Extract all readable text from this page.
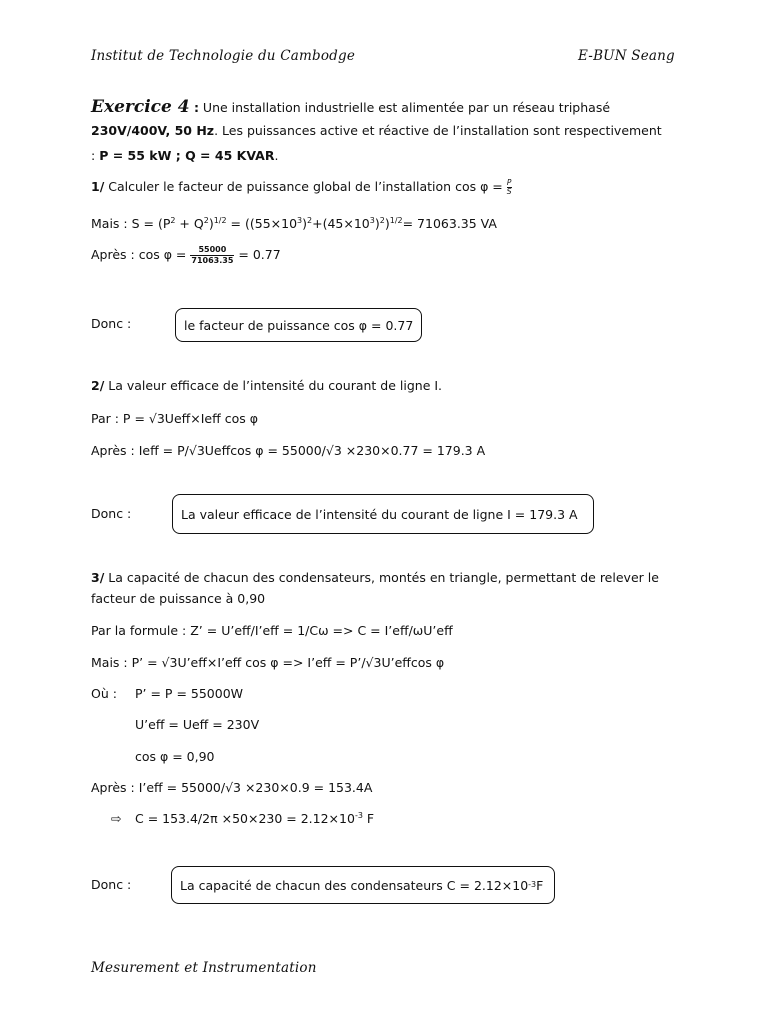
Institut de Technologie du Cambodge	E-BUN Seang
Exercice 4 : Une installation industrielle est alimentée par un réseau triphasé
230V/400V, 50 Hz. Les puissances active et réactive de l’installation sont respectivement
: P = 55 kW ; Q = 45 KVAR.
1/ Calculer le facteur de puissance global de l’installation $\cos \varphi = \frac{P}{S}$
Mais : $S = (P^2 + Q^2)^{1/2} = ((55\times 10^3)^2+(45\times 10^3)^2)^{1/2}= 71063.35$ VA
Après : $\cos \varphi = \frac{55000}{71063.35} = 0.77$
Donc :	le facteur de puissance cos φ = 0.77
2/ La valeur efficace de l’intensité du courant de ligne I.
Par : P = √3Ueff×Ieff cos φ
Après : Ieff = P/√3Ueffcos φ = 55000/√3 ×230×0.77 = 179.3 A
Donc :	La valeur efficace de l’intensité du courant de ligne I = 179.3 A
3/ La capacité de chacun des condensateurs, montés en triangle, permettant de relever le
facteur de puissance à 0,90
Par la formule : Z’ = U’eff/I’eff = 1/Cω => C = I’eff/ωU’eff
Mais : P’ = √3U’eff×I’eff cos φ => I’eff = P’/√3U’effcos φ
Où : P’ = P = 55000W
U’eff = Ueff = 230V
cos φ = 0,90
Après : I’eff = 55000/√3 ×230×0.9 = 153.4A
⇨ $C = 153.4/2\pi \times 50\times 230 = 2.12\times 10^{-3}$ F
Donc :	La capacité de chacun des condensateurs C = 2.12×10 -3 F
Mesurement et Instrumentation
